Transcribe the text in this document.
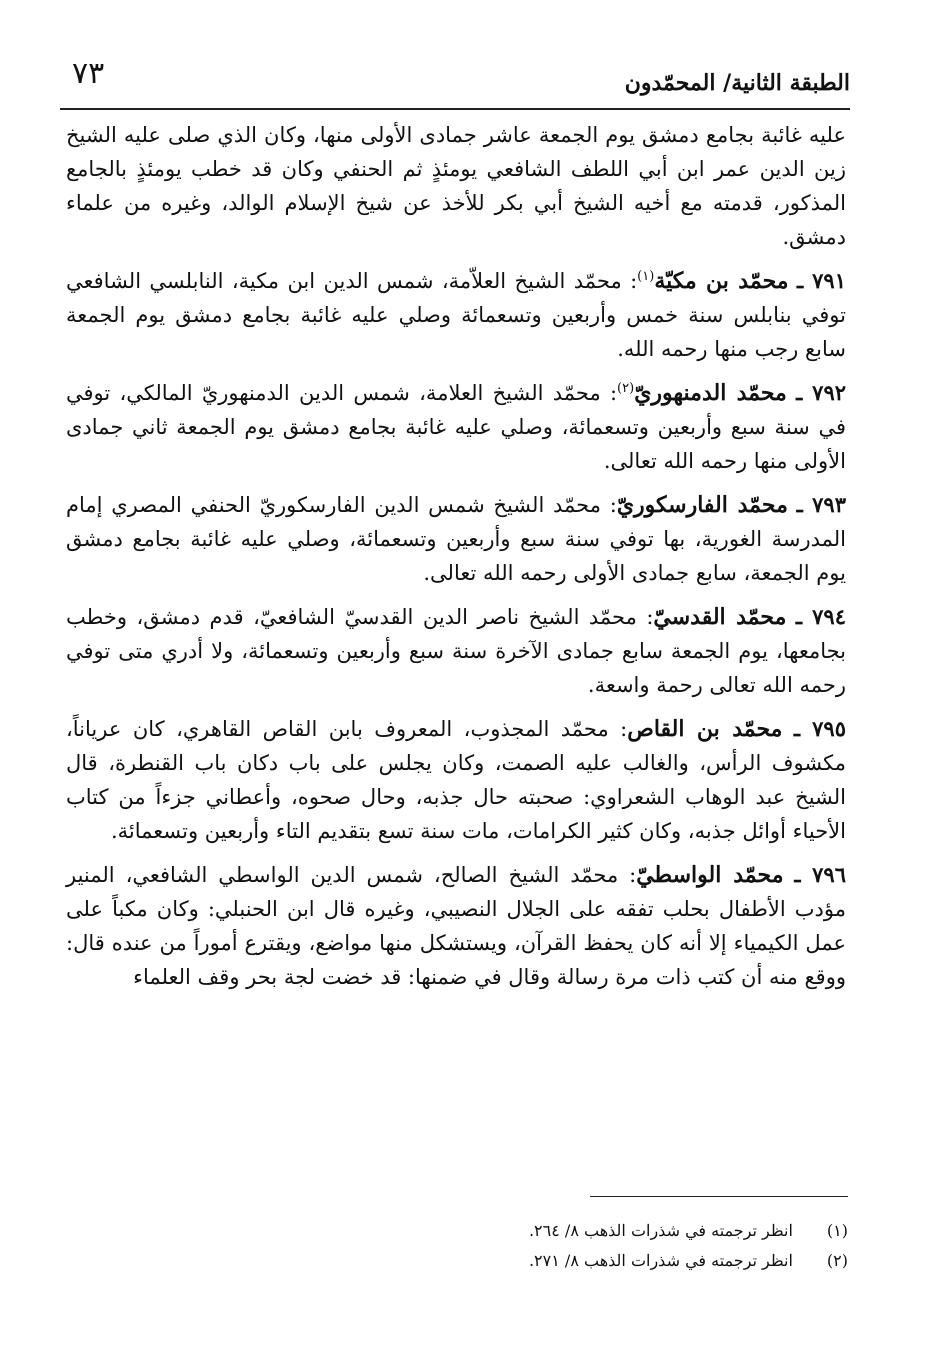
٧٣	الطبقة الثانية/ المحمّدون

عليه غائبة بجامع دمشق يوم الجمعة عاشر جمادى الأولى منها، وكان الذي صلى عليه الشيخ زين الدين عمر ابن أبي اللطف الشافعي يومئذٍ ثم الحنفي وكان قد خطب يومئذٍ بالجامع المذكور، قدمته مع أخيه الشيخ أبي بكر للأخذ عن شيخ الإسلام الوالد، وغيره من علماء دمشق.

٧٩١ ـ محمّد بن مكيّة$^{(١)}$: محمّد الشيخ العلاّمة، شمس الدين ابن مكية، النابلسي الشافعي توفي بنابلس سنة خمس وأربعين وتسعمائة وصلي عليه غائبة بجامع دمشق يوم الجمعة سابع رجب منها رحمه الله.

٧٩٢ ـ محمّد الدمنهوريّ$^{(٢)}$: محمّد الشيخ العلامة، شمس الدين الدمنهوريّ المالكي، توفي في سنة سبع وأربعين وتسعمائة، وصلي عليه غائبة بجامع دمشق يوم الجمعة ثاني جمادى الأولى منها رحمه الله تعالى.

٧٩٣ ـ محمّد الفارسكوريّ: محمّد الشيخ شمس الدين الفارسكوريّ الحنفي المصري إمام المدرسة الغورية، بها توفي سنة سبع وأربعين وتسعمائة، وصلي عليه غائبة بجامع دمشق يوم الجمعة، سابع جمادى الأولى رحمه الله تعالى.

٧٩٤ ـ محمّد القدسيّ: محمّد الشيخ ناصر الدين القدسيّ الشافعيّ، قدم دمشق، وخطب بجامعها، يوم الجمعة سابع جمادى الآخرة سنة سبع وأربعين وتسعمائة، ولا أدري متى توفي رحمه الله تعالى رحمة واسعة.

٧٩٥ ـ محمّد بن القاص: محمّد المجذوب، المعروف بابن القاص القاهري، كان عرياناً، مكشوف الرأس، والغالب عليه الصمت، وكان يجلس على باب دكان باب القنطرة، قال الشيخ عبد الوهاب الشعراوي: صحبته حال جذبه، وحال صحوه، وأعطاني جزءاً من كتاب الأحياء أوائل جذبه، وكان كثير الكرامات، مات سنة تسع بتقديم التاء وأربعين وتسعمائة.

٧٩٦ ـ محمّد الواسطيّ: محمّد الشيخ الصالح، شمس الدين الواسطي الشافعي، المنير مؤدب الأطفال بحلب تفقه على الجلال النصيبي، وغيره قال ابن الحنبلي: وكان مكباً على عمل الكيمياء إلا أنه كان يحفظ القرآن، ويستشكل منها مواضع، ويقترع أموراً من عنده قال: ووقع منه أن كتب ذات مرة رسالة وقال في ضمنها: قد خضت لجة بحر وقف العلماء

(١) انظر ترجمته في شذرات الذهب ٨/ ٢٦٤.

(٢) انظر ترجمته في شذرات الذهب ٨/ ٢٧١.
